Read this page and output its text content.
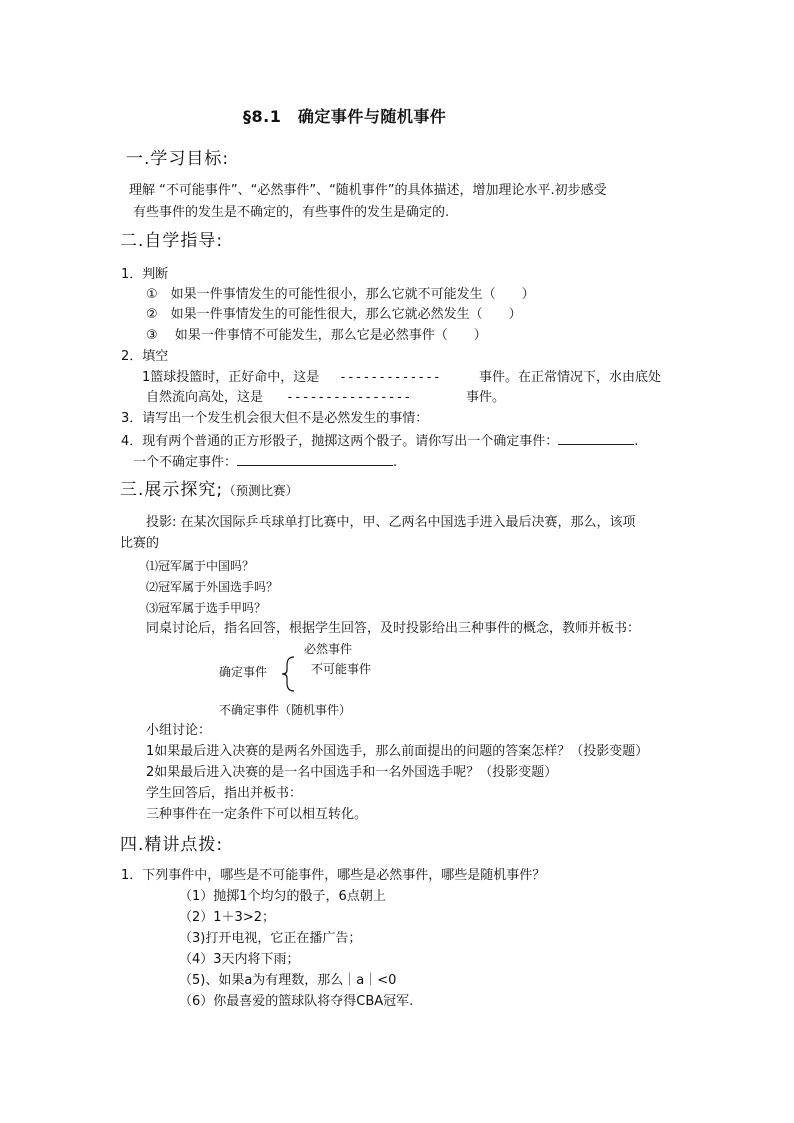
§8.1　确定事件与随机事件
一.学习目标:
理解 “不可能事件”、“必然事件”、“随机事件”的具体描述，增加理论水平.初步感受
有些事件的发生是不确定的，有些事件的发生是确定的.
二.自学指导:
1．判断
①　如果一件事情发生的可能性很小，那么它就不可能发生（　　）
②　如果一件事情发生的可能性很大，那么它就必然发生（　　）
③　 如果一件事情不可能发生，那么它是必然事件（　　）
2．填空
1篮球投篮时，正好命中，这是 -------------	事件。在正常情况下，水由底处
自然流向高处，这是 ----------------	事件。
3．请写出一个发生机会很大但不是必然发生的事情：
4．现有两个普通的正方形骰子，抛掷这两个骰子。请你写出一个确定事件：	.
一个不确定事件：	.
三.展示探究;（预测比赛）
投影: 在某次国际乒乓球单打比赛中，甲、乙两名中国选手进入最后决赛，那么，该项
比赛的
⑴冠军属于中国吗？
⑵冠军属于外国选手吗？
⑶冠军属于选手甲吗？
同桌讨论后，指名回答，根据学生回答，及时投影给出三种事件的概念，教师并板书：
必然事件
确定事件	不可能事件
不确定事件（随机事件）
小组讨论：
1如果最后进入决赛的是两名外国选手，那么前面提出的问题的答案怎样？（投影变题）
2如果最后进入决赛的是一名中国选手和一名外国选手呢？（投影变题）
学生回答后，指出并板书：
三种事件在一定条件下可以相互转化。
四.精讲点拨:
1．下列事件中，哪些是不可能事件，哪些是必然事件，哪些是随机事件？
（1）抛掷1个均匀的骰子，6点朝上
（2）1＋3>2；
（3)打开电视，它正在播广告；
（4）3天内将下雨；
（5)、如果a为有理数，那么｜a｜<0
（6）你最喜爱的篮球队将夺得CBA冠军.
